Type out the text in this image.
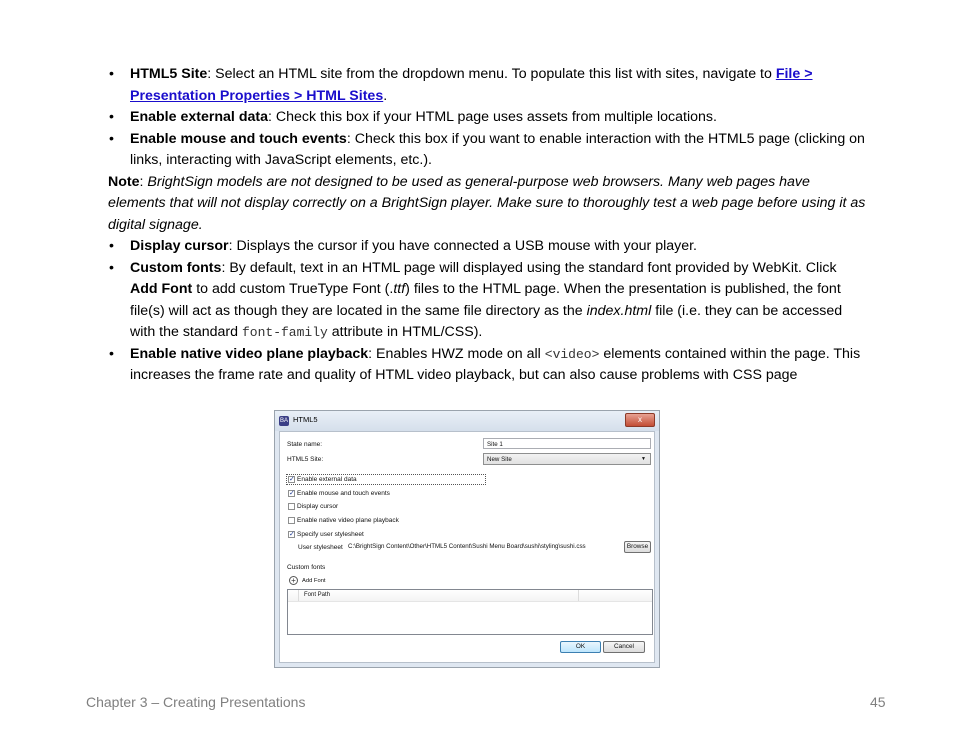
• HTML5 Site: Select an HTML site from the dropdown menu. To populate this list with sites, navigate to File > Presentation Properties > HTML Sites.
• Enable external data: Check this box if your HTML page uses assets from multiple locations.
• Enable mouse and touch events: Check this box if you want to enable interaction with the HTML5 page (clicking on links, interacting with JavaScript elements, etc.).

Note: BrightSign models are not designed to be used as general-purpose web browsers. Many web pages have elements that will not display correctly on a BrightSign player. Make sure to thoroughly test a web page before using it as digital signage.

• Display cursor: Displays the cursor if you have connected a USB mouse with your player.
• Custom fonts: By default, text in an HTML page will displayed using the standard font provided by WebKit. Click Add Font to add custom TrueType Font (.ttf) files to the HTML page. When the presentation is published, the font file(s) will act as though they are located in the same file directory as the index.html file (i.e. they can be accessed with the standard font-family attribute in HTML/CSS).
• Enable native video plane playback: Enables HWZ mode on all <video> elements contained within the page. This increases the frame rate and quality of HTML video playback, but can also cause problems with CSS page
BA HTML5	x
State name:	Site 1
HTML5 Site:	New Site	▼
✓ Enable external data
✓ Enable mouse and touch events
Display cursor
Enable native video plane playback
✓ Specify user stylesheet
User stylesheet C:\BrightSign Content\Other\HTML5 Content\Sushi Menu Board\sushi\styling\sushi.css	Browse
Custom fonts
+	Add Font
Font Path
OK	Cancel
Chapter 3 – Creating Presentations	45
